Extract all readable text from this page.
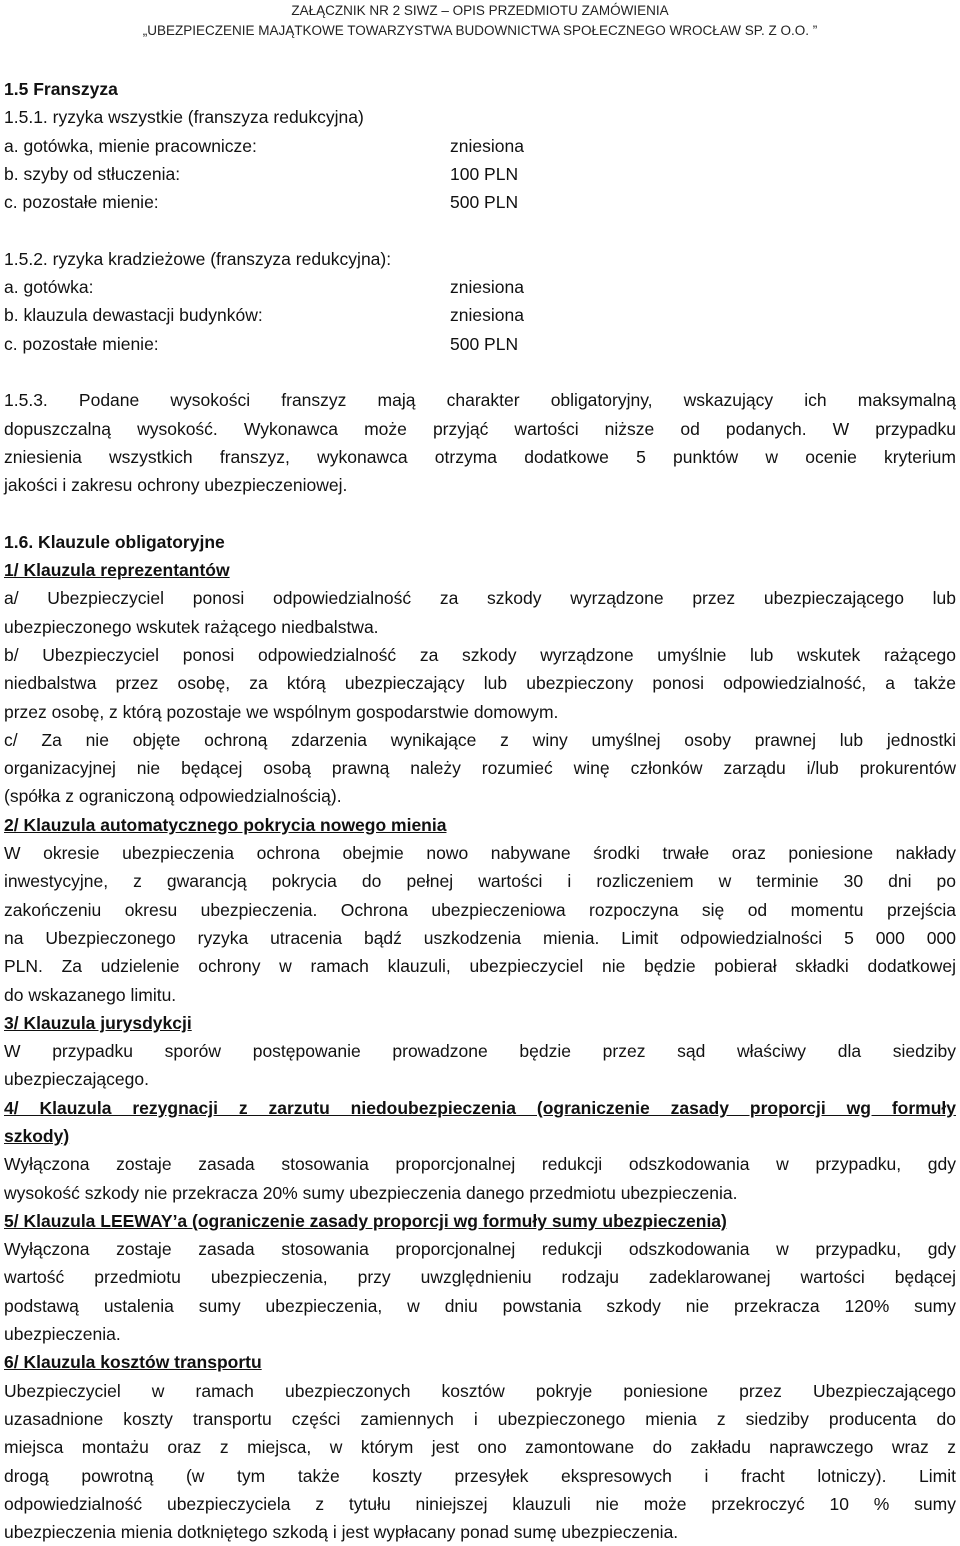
ZAŁĄCZNIK NR 2 SIWZ – OPIS PRZEDMIOTU ZAMÓWIENIA
„UBEZPIECZENIE MAJĄTKOWE TOWARZYSTWA BUDOWNICTWA SPOŁECZNEGO WROCŁAW SP. Z O.O. ”
1.5 Franszyza
1.5.1. ryzyka wszystkie (franszyza redukcyjna)
a. gotówka, mienie pracownicze:	zniesiona
b. szyby od stłuczenia:	100 PLN
c. pozostałe mienie:	500 PLN
1.5.2. ryzyka kradzieżowe (franszyza redukcyjna):
a. gotówka:	zniesiona
b. klauzula dewastacji budynków:	zniesiona
c. pozostałe mienie:	500 PLN
1.5.3. Podane wysokości franszyz mają charakter obligatoryjny, wskazujący ich maksymalną
dopuszczalną wysokość. Wykonawca może przyjąć wartości niższe od podanych. W przypadku
zniesienia wszystkich franszyz, wykonawca otrzyma dodatkowe 5 punktów w ocenie kryterium
jakości i zakresu ochrony ubezpieczeniowej.
1.6. Klauzule obligatoryjne
1/ Klauzula reprezentantów
a/ Ubezpieczyciel ponosi odpowiedzialność za szkody wyrządzone przez ubezpieczającego lub
ubezpieczonego wskutek rażącego niedbalstwa.
b/ Ubezpieczyciel ponosi odpowiedzialność za szkody wyrządzone umyślnie lub wskutek rażącego
niedbalstwa przez osobę, za którą ubezpieczający lub ubezpieczony ponosi odpowiedzialność, a także
przez osobę, z którą pozostaje we wspólnym gospodarstwie domowym.
c/ Za nie objęte ochroną zdarzenia wynikające z winy umyślnej osoby prawnej lub jednostki
organizacyjnej nie będącej osobą prawną należy rozumieć winę członków zarządu i/lub prokurentów
(spółka z ograniczoną odpowiedzialnością).
2/ Klauzula automatycznego pokrycia nowego mienia
W okresie ubezpieczenia ochrona obejmie nowo nabywane środki trwałe oraz poniesione nakłady
inwestycyjne, z gwarancją pokrycia do pełnej wartości i rozliczeniem w terminie 30 dni po
zakończeniu okresu ubezpieczenia. Ochrona ubezpieczeniowa rozpoczyna się od momentu przejścia
na Ubezpieczonego ryzyka utracenia bądź uszkodzenia mienia. Limit odpowiedzialności 5 000 000
PLN. Za udzielenie ochrony w ramach klauzuli, ubezpieczyciel nie będzie pobierał składki dodatkowej
do wskazanego limitu.
3/ Klauzula jurysdykcji
W przypadku sporów postępowanie prowadzone będzie przez sąd właściwy dla siedziby
ubezpieczającego.
4/ Klauzula rezygnacji z zarzutu niedoubezpieczenia (ograniczenie zasady proporcji wg formuły
szkody)
Wyłączona zostaje zasada stosowania proporcjonalnej redukcji odszkodowania w przypadku, gdy
wysokość szkody nie przekracza 20% sumy ubezpieczenia danego przedmiotu ubezpieczenia.
5/ Klauzula LEEWAY’a (ograniczenie zasady proporcji wg formuły sumy ubezpieczenia)
Wyłączona zostaje zasada stosowania proporcjonalnej redukcji odszkodowania w przypadku, gdy
wartość przedmiotu ubezpieczenia, przy uwzględnieniu rodzaju zadeklarowanej wartości będącej
podstawą ustalenia sumy ubezpieczenia, w dniu powstania szkody nie przekracza 120% sumy
ubezpieczenia.
6/ Klauzula kosztów transportu
Ubezpieczyciel w ramach ubezpieczonych kosztów pokryje poniesione przez Ubezpieczającego
uzasadnione koszty transportu części zamiennych i ubezpieczonego mienia z siedziby producenta do
miejsca montażu oraz z miejsca, w którym jest ono zamontowane do zakładu naprawczego wraz z
drogą powrotną (w tym także koszty przesyłek ekspresowych i fracht lotniczy). Limit
odpowiedzialność ubezpieczyciela z tytułu niniejszej klauzuli nie może przekroczyć 10 % sumy
ubezpieczenia mienia dotkniętego szkodą i jest wypłacany ponad sumę ubezpieczenia.
